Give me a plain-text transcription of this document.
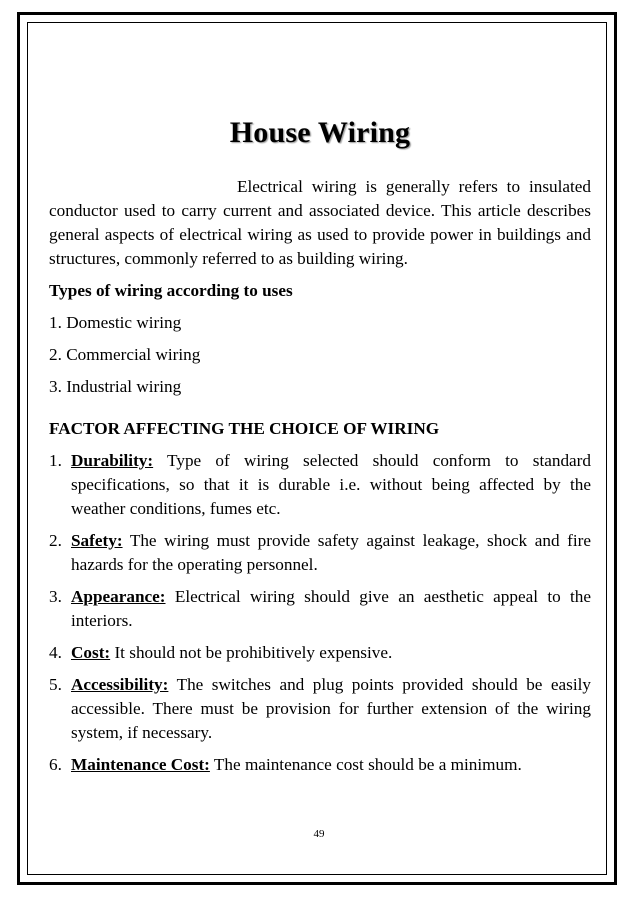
House Wiring

Electrical wiring is generally refers to insulated conductor used to carry current and associated device. This article describes general aspects of electrical wiring as used to provide power in buildings and structures, commonly referred to as building wiring.

Types of wiring according to uses
1. Domestic wiring
2. Commercial wiring
3. Industrial wiring
FACTOR AFFECTING THE CHOICE OF WIRING
1. Durability: Type of wiring selected should conform to standard specifications, so that it is durable i.e. without being affected by the weather conditions, fumes etc.
2. Safety: The wiring must provide safety against leakage, shock and fire hazards for the operating personnel.
3. Appearance: Electrical wiring should give an aesthetic appeal to the interiors.
4. Cost: It should not be prohibitively expensive.
5. Accessibility: The switches and plug points provided should be easily accessible. There must be provision for further extension of the wiring system, if necessary.
6. Maintenance Cost: The maintenance cost should be a minimum.
49
